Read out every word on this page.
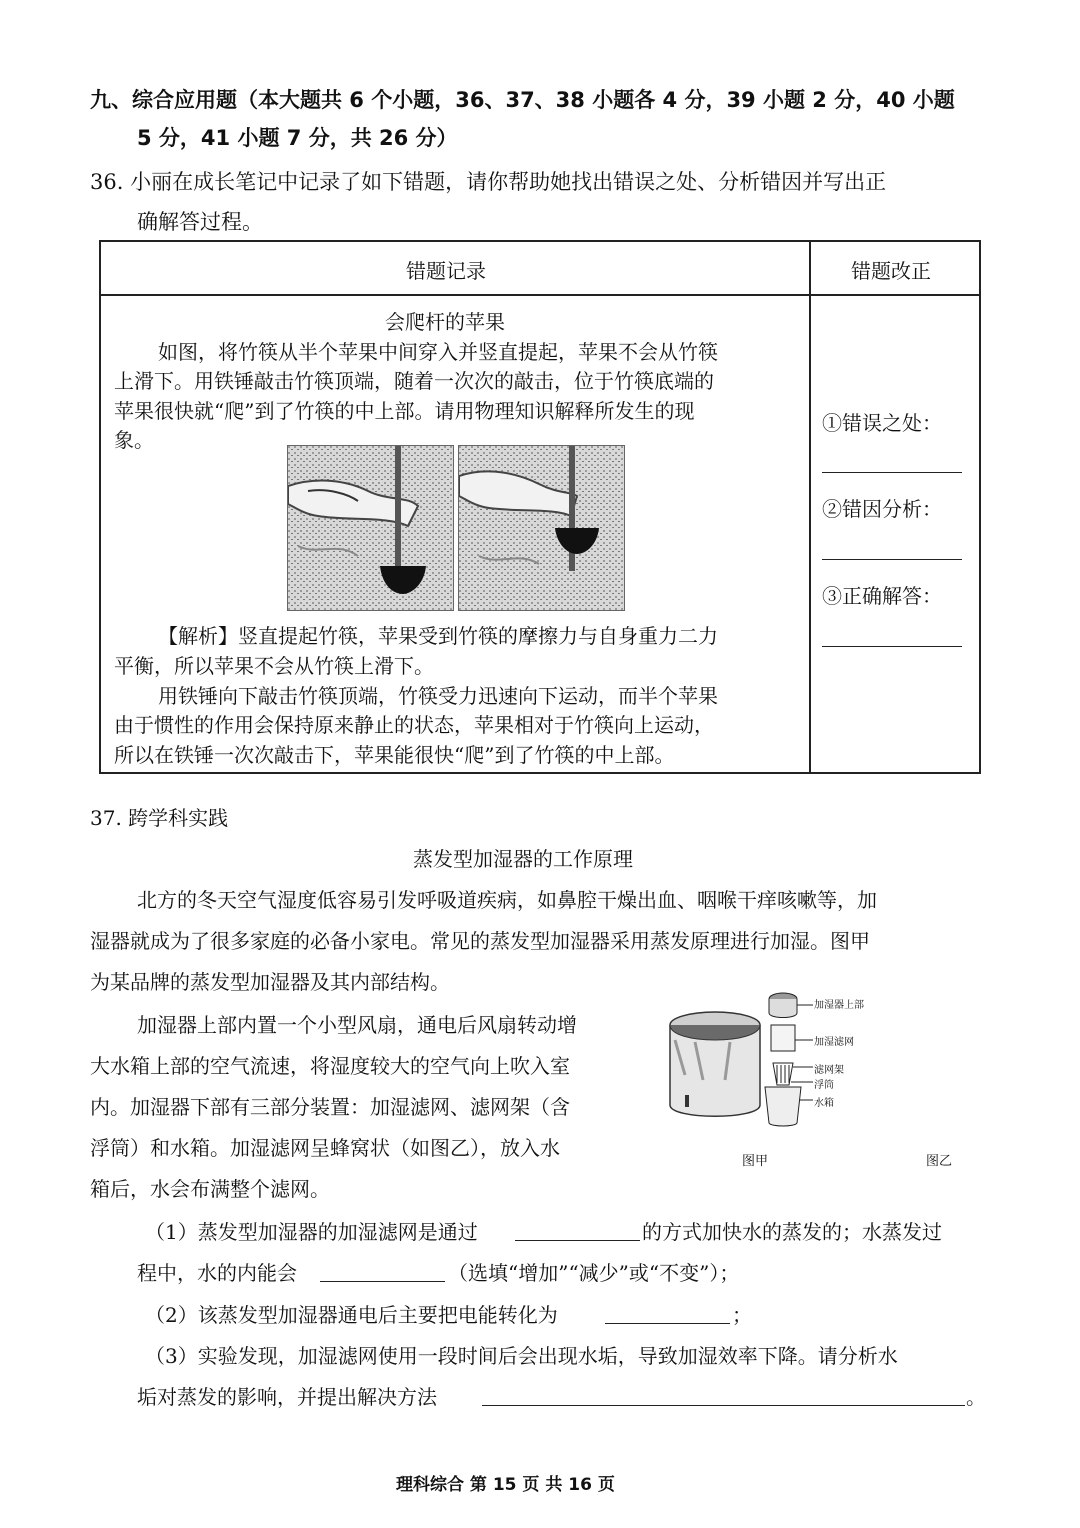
九、综合应用题（本大题共 6 个小题，36、37、38 小题各 4 分，39 小题 2 分，40 小题
5 分，41 小题 7 分，共 26 分）
36. 小丽在成长笔记中记录了如下错题，请你帮助她找出错误之处、分析错因并写出正
确解答过程。
错题记录	错题改正
会爬杆的苹果
如图，将竹筷从半个苹果中间穿入并竖直提起，苹果不会从竹筷
上滑下。用铁锤敲击竹筷顶端，随着一次次的敲击，位于竹筷底端的
苹果很快就“爬”到了竹筷的中上部。请用物理知识解释所发生的现
象。
【解析】竖直提起竹筷，苹果受到竹筷的摩擦力与自身重力二力
平衡，所以苹果不会从竹筷上滑下。
用铁锤向下敲击竹筷顶端，竹筷受力迅速向下运动，而半个苹果
由于惯性的作用会保持原来静止的状态，苹果相对于竹筷向上运动，
所以在铁锤一次次敲击下，苹果能很快“爬”到了竹筷的中上部。
①错误之处：
②错因分析：
③正确解答：
37. 跨学科实践
蒸发型加湿器的工作原理
北方的冬天空气湿度低容易引发呼吸道疾病，如鼻腔干燥出血、咽喉干痒咳嗽等，加
湿器就成为了很多家庭的必备小家电。常见的蒸发型加湿器采用蒸发原理进行加湿。图甲
为某品牌的蒸发型加湿器及其内部结构。
加湿器上部内置一个小型风扇，通电后风扇转动增
大水箱上部的空气流速，将湿度较大的空气向上吹入室
内。加湿器下部有三部分装置：加湿滤网、滤网架（含
浮筒）和水箱。加湿滤网呈蜂窝状（如图乙），放入水
箱后，水会布满整个滤网。
加湿器上部
加湿滤网
滤网架
浮筒
水箱
图甲	图乙
（1）蒸发型加湿器的加湿滤网是通过	的方式加快水的蒸发的；水蒸发过
程中，水的内能会	（选填“增加”“减少”或“不变”）；
（2）该蒸发型加湿器通电后主要把电能转化为	；
（3）实验发现，加湿滤网使用一段时间后会出现水垢，导致加湿效率下降。请分析水
垢对蒸发的影响，并提出解决方法	。
理科综合 第 15 页 共 16 页
